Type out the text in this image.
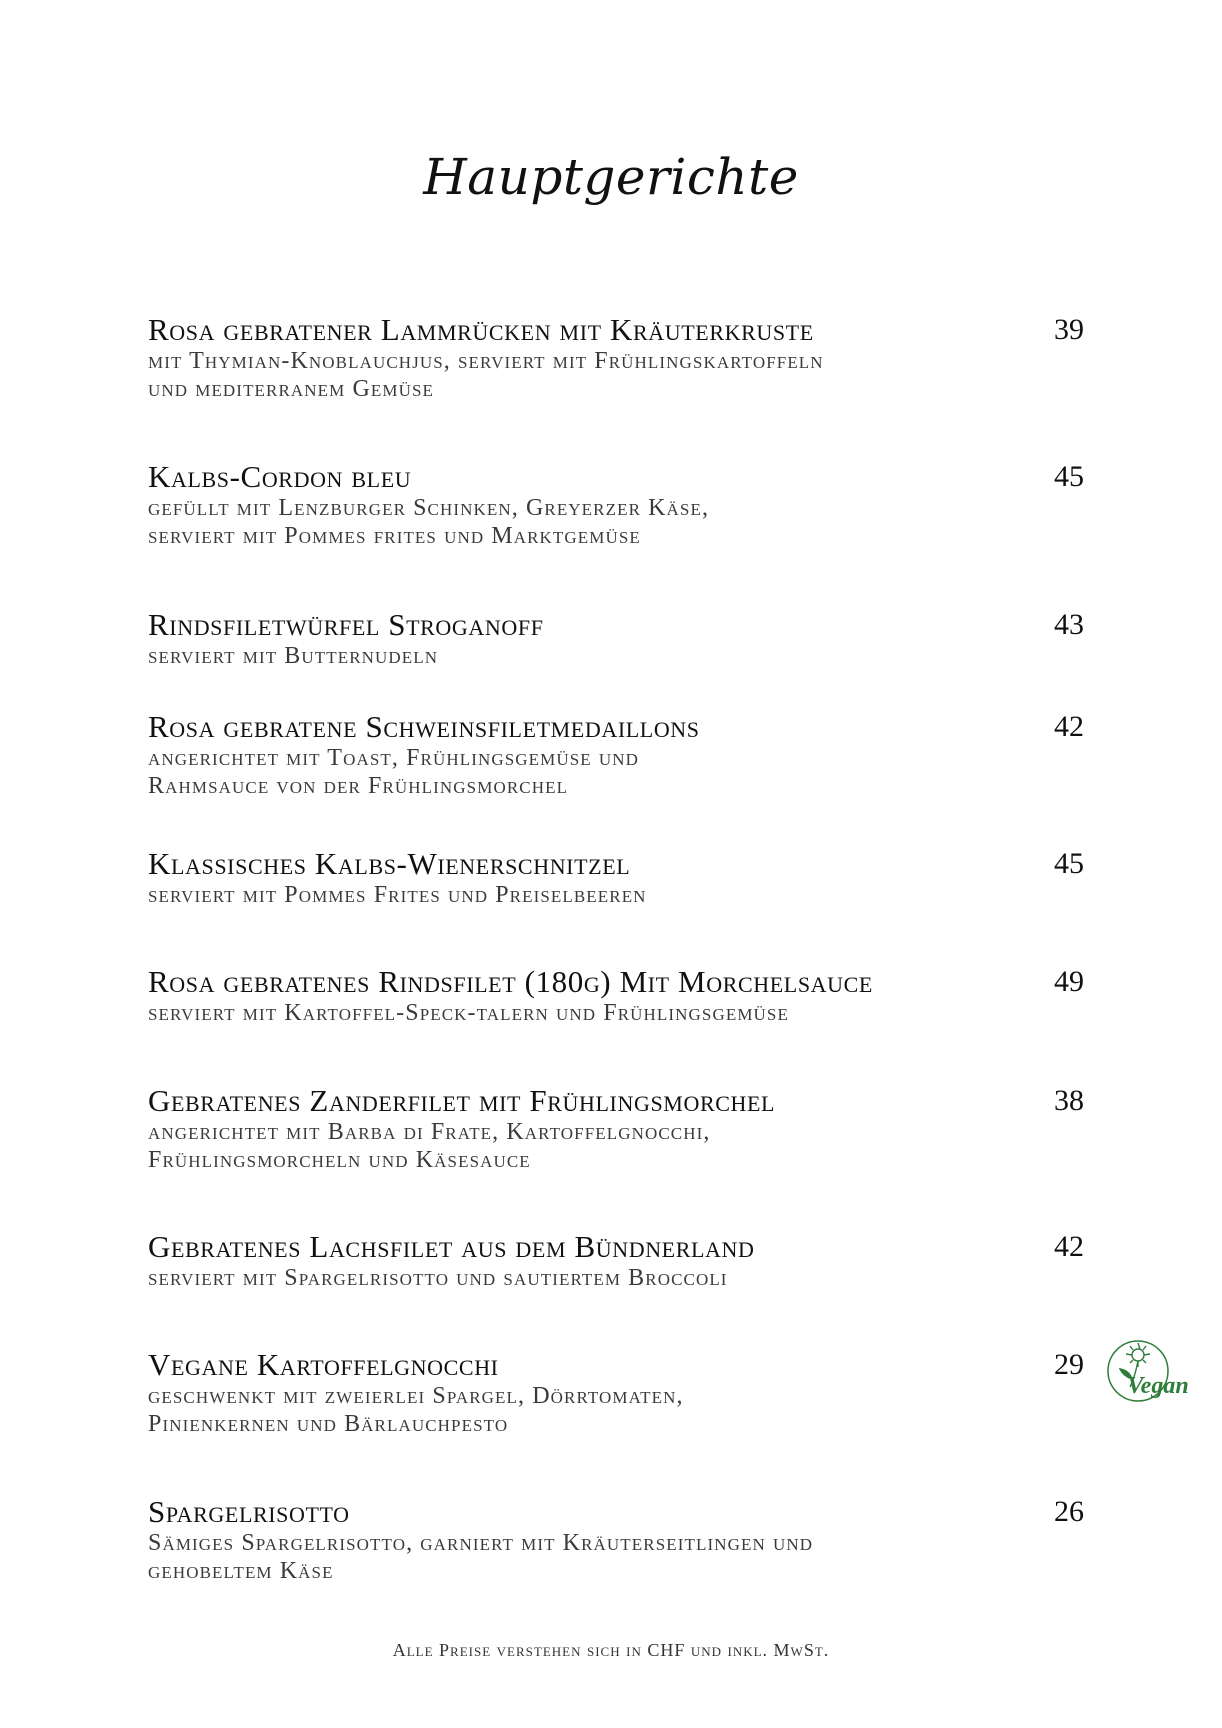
Hauptgerichte
Rosa gebratener Lammrücken mit Kräuterkruste
mit Thymian-Knoblauchjus, serviert mit Frühlingskartoffeln
und mediterranem Gemüse
39
Kalbs-Cordon bleu
gefüllt mit Lenzburger Schinken, Greyerzer Käse,
serviert mit Pommes frites und Marktgemüse
45
Rindsfiletwürfel Stroganoff
serviert mit Butternudeln
43
Rosa gebratene Schweinsfiletmedaillons
angerichtet mit Toast, Frühlingsgemüse und
Rahmsauce von der Frühlingsmorchel
42
Klassisches Kalbs-Wienerschnitzel
serviert mit Pommes Frites und Preiselbeeren
45
Rosa gebratenes Rindsfilet (180g) Mit Morchelsauce
serviert mit Kartoffel-Speck-talern und Frühlingsgemüse
49
Gebratenes Zanderfilet mit Frühlingsmorchel
angerichtet mit Barba di Frate, Kartoffelgnocchi,
Frühlingsmorcheln und Käsesauce
38
Gebratenes Lachsfilet aus dem Bündnerland
serviert mit Spargelrisotto und sautiertem Broccoli
42
Vegane Kartoffelgnocchi
geschwenkt mit zweierlei Spargel, Dörrtomaten,
Pinienkernen und Bärlauchpesto
29
Spargelrisotto
Sämiges Spargelrisotto, garniert mit Kräuterseitlingen und
gehobeltem Käse
26
Vegan
Alle Preise verstehen sich in CHF und inkl. MwSt.
